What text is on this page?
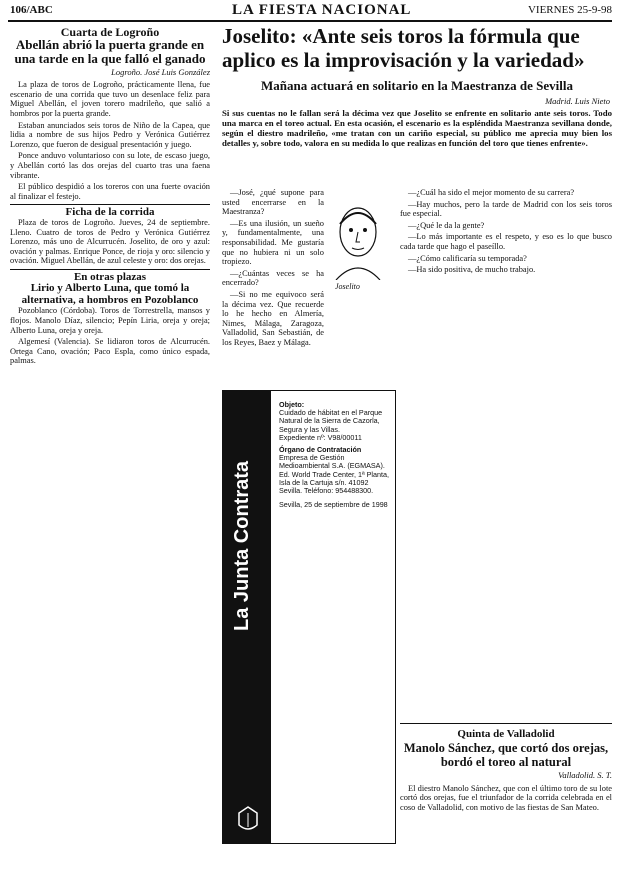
106/ABC	LA FIESTA NACIONAL	VIERNES 25-9-98
Cuarta de Logroño
Abellán abrió la puerta grande en una tarde en la que falló el ganado
Logroño. José Luis González

La plaza de toros de Logroño, prácticamente llena, fue escenario de una corrida que tuvo un desenlace feliz para Miguel Abellán, el joven torero madrileño, que salió a hombros por la puerta grande.

Estaban anunciados seis toros de Niño de la Capea, que lidia a nombre de sus hijos Pedro y Verónica Gutiérrez Lorenzo, que fueron de desigual presentación y juego.

Ponce anduvo voluntarioso con su lote, de escaso juego, y Abellán cortó las dos orejas del cuarto tras una faena vibrante.

El público despidió a los toreros con una fuerte ovación al finalizar el festejo.

Ficha de la corrida

Plaza de toros de Logroño. Jueves, 24 de septiembre. Lleno. Cuatro de toros de Pedro y Verónica Gutiérrez Lorenzo, más uno de Alcurrucén. Joselito, de oro y azul: ovación y palmas. Enrique Ponce, de rioja y oro: silencio y ovación. Miguel Abellán, de azul celeste y oro: dos orejas.

En otras plazas
Lirio y Alberto Luna, que tomó la alternativa, a hombros en Pozoblanco

Pozoblanco (Córdoba). Toros de Torrestrella, mansos y flojos. Manolo Díaz, silencio; Pepín Liria, oreja y oreja; Alberto Luna, oreja y oreja.

Algemesí (Valencia). Se lidiaron toros de Alcurrucén. Ortega Cano, ovación; Paco Espla, como único espada, palmas.

Joselito: «Ante seis toros la fórmula que aplico es la improvisación y la variedad»
Mañana actuará en solitario en la Maestranza de Sevilla
Madrid. Luis Nieto
Si sus cuentas no le fallan será la décima vez que Joselito se enfrente en solitario ante seis toros. Todo una marca en el toreo actual. En esta ocasión, el escenario es la espléndida Maestranza sevillana donde, según el diestro madrileño, «me tratan con un cariño especial, su público me aprecia muy bien los detalles y, sobre todo, valora en su medida lo que realizas en función del toro que tienes enfrente».

—José, ¿qué supone para usted encerrarse en la Maestranza?

—Es una ilusión, un sueño y, fundamentalmente, una responsabilidad. Me gustaría que no hubiera ni un solo tropiezo.

—¿Cuántas veces se ha encerrado?

—Si no me equivoco será la décima vez. Que recuerde lo he hecho en Almería, Nimes, Málaga, Zaragoza, Valladolid, San Sebastián, de los Reyes, Baez y Málaga.

Joselito

—¿Cuál ha sido el mejor momento de su carrera?

—Hay muchos, pero la tarde de Madrid con los seis toros fue especial.

—¿Qué le da la gente?

—Lo más importante es el respeto, y eso es lo que busco cada tarde que hago el paseíllo.

—¿Cómo calificaría su temporada?

—Ha sido positiva, de mucho trabajo.

La Junta Contrata
Objeto:
Cuidado de hábitat en el Parque Natural de la Sierra de Cazorla, Segura y las Villas.
Expediente nº: V98/00011
Órgano de Contratación
Empresa de Gestión Medioambiental S.A. (EGMASA). Ed. World Trade Center, 1ª Planta, Isla de la Cartuja s/n. 41092 Sevilla. Teléfono: 954488300.
Sevilla, 25 de septiembre de 1998
Quinta de Valladolid
Manolo Sánchez, que cortó dos orejas, bordó el toreo al natural
Valladolid. S. T.

El diestro Manolo Sánchez, que con el último toro de su lote cortó dos orejas, fue el triunfador de la corrida celebrada en el coso de Valladolid, con motivo de las fiestas de San Mateo.
